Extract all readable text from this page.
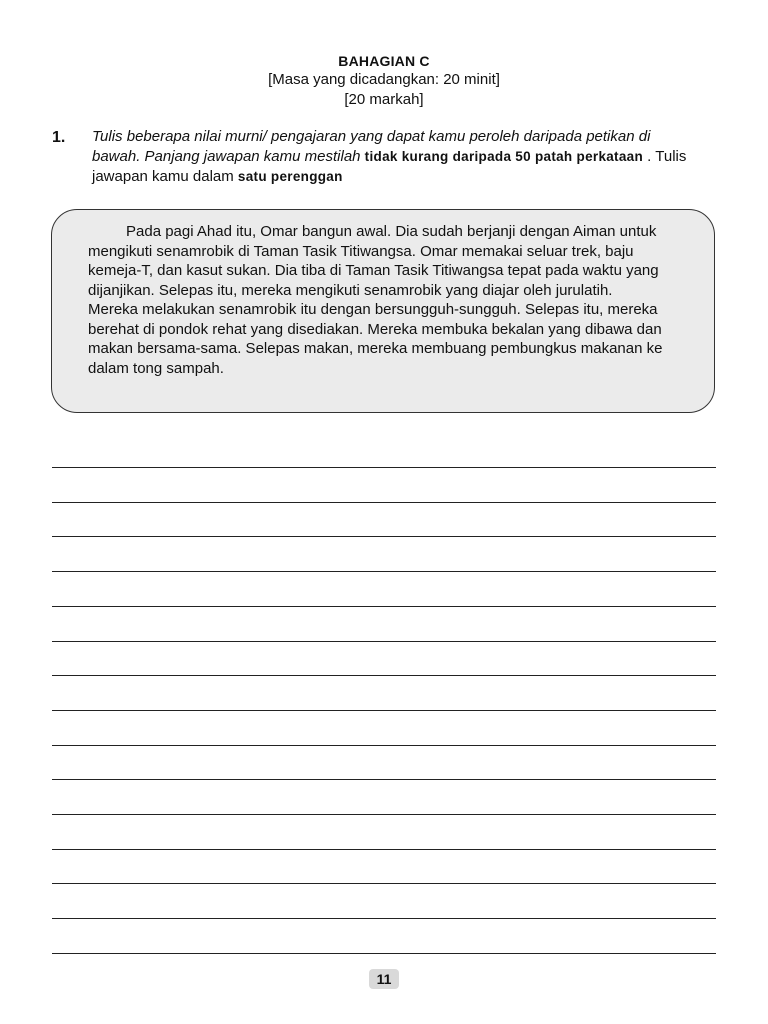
BAHAGIAN C
[Masa yang dicadangkan: 20 minit]
[20 markah]
1. Tulis beberapa nilai murni/ pengajaran yang dapat kamu peroleh daripada petikan di bawah. Panjang jawapan kamu mestilah tidak kurang daripada 50 patah perkataan . Tulis jawapan kamu dalam satu perenggan

Pada pagi Ahad itu, Omar bangun awal. Dia sudah berjanji dengan Aiman untuk mengikuti senamrobik di Taman Tasik Titiwangsa. Omar memakai seluar trek, baju kemeja-T, dan kasut sukan. Dia tiba di Taman Tasik Titiwangsa tepat pada waktu yang dijanjikan. Selepas itu, mereka mengikuti senamrobik yang diajar oleh jurulatih. Mereka melakukan senamrobik itu dengan bersungguh-sungguh. Selepas itu, mereka berehat di pondok rehat yang disediakan. Mereka membuka bekalan yang dibawa dan makan bersama-sama. Selepas makan, mereka membuang pembungkus makanan ke dalam tong sampah.

11
